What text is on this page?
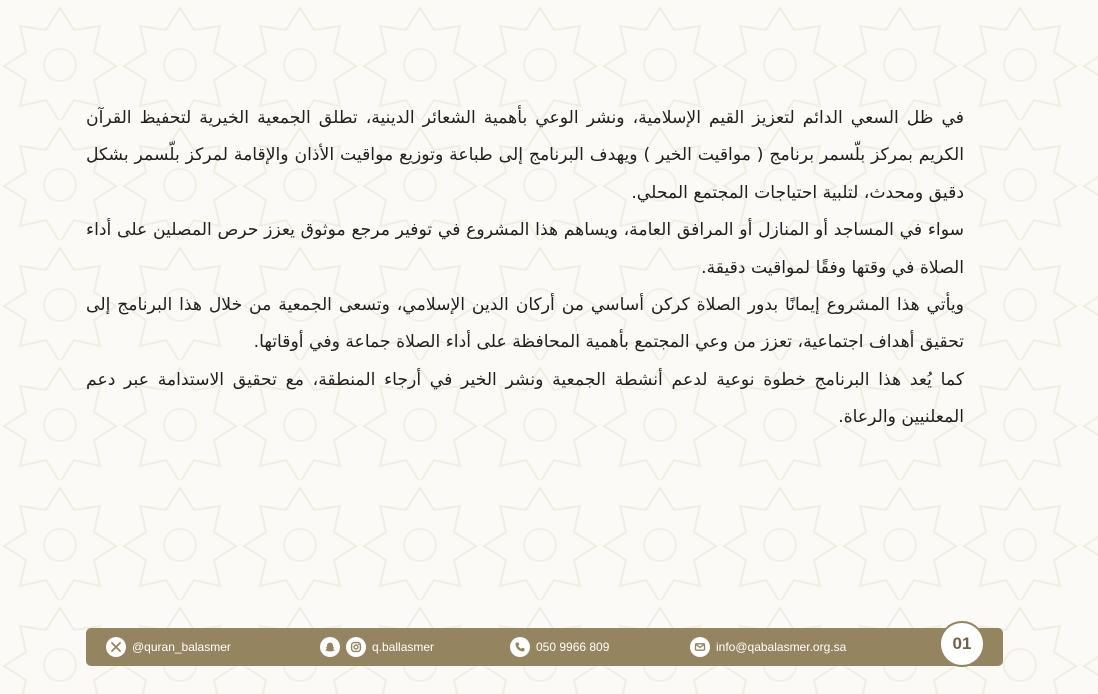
في ظل السعي الدائم لتعزيز القيم الإسلامية، ونشر الوعي بأهمية الشعائر الدينية، تطلق الجمعية الخيرية لتحفيظ القرآن الكريم بمركز بلّسمر برنامج ( مواقيت الخير ) ويهدف البرنامج إلى طباعة وتوزيع مواقيت الأذان والإقامة لمركز بلّسمر بشكل دقيق ومحدث، لتلبية احتياجات المجتمع المحلي.

سواء في المساجد أو المنازل أو المرافق العامة، ويساهم هذا المشروع في توفير مرجع موثوق يعزز حرص المصلين على أداء الصلاة في وقتها وفقًا لمواقيت دقيقة.

ويأتي هذا المشروع إيمانًا بدور الصلاة كركن أساسي من أركان الدين الإسلامي، وتسعى الجمعية من خلال هذا البرنامج إلى تحقيق أهداف اجتماعية، تعزز من وعي المجتمع بأهمية المحافظة على أداء الصلاة جماعة وفي أوقاتها.

كما يُعد هذا البرنامج خطوة نوعية لدعم أنشطة الجمعية ونشر الخير في أرجاء المنطقة، مع تحقيق الاستدامة عبر دعم المعلنيين والرعاة.

@quran_balasmer	q.ballasmer	050 9966 809	info@qabalasmer.org.sa	01
